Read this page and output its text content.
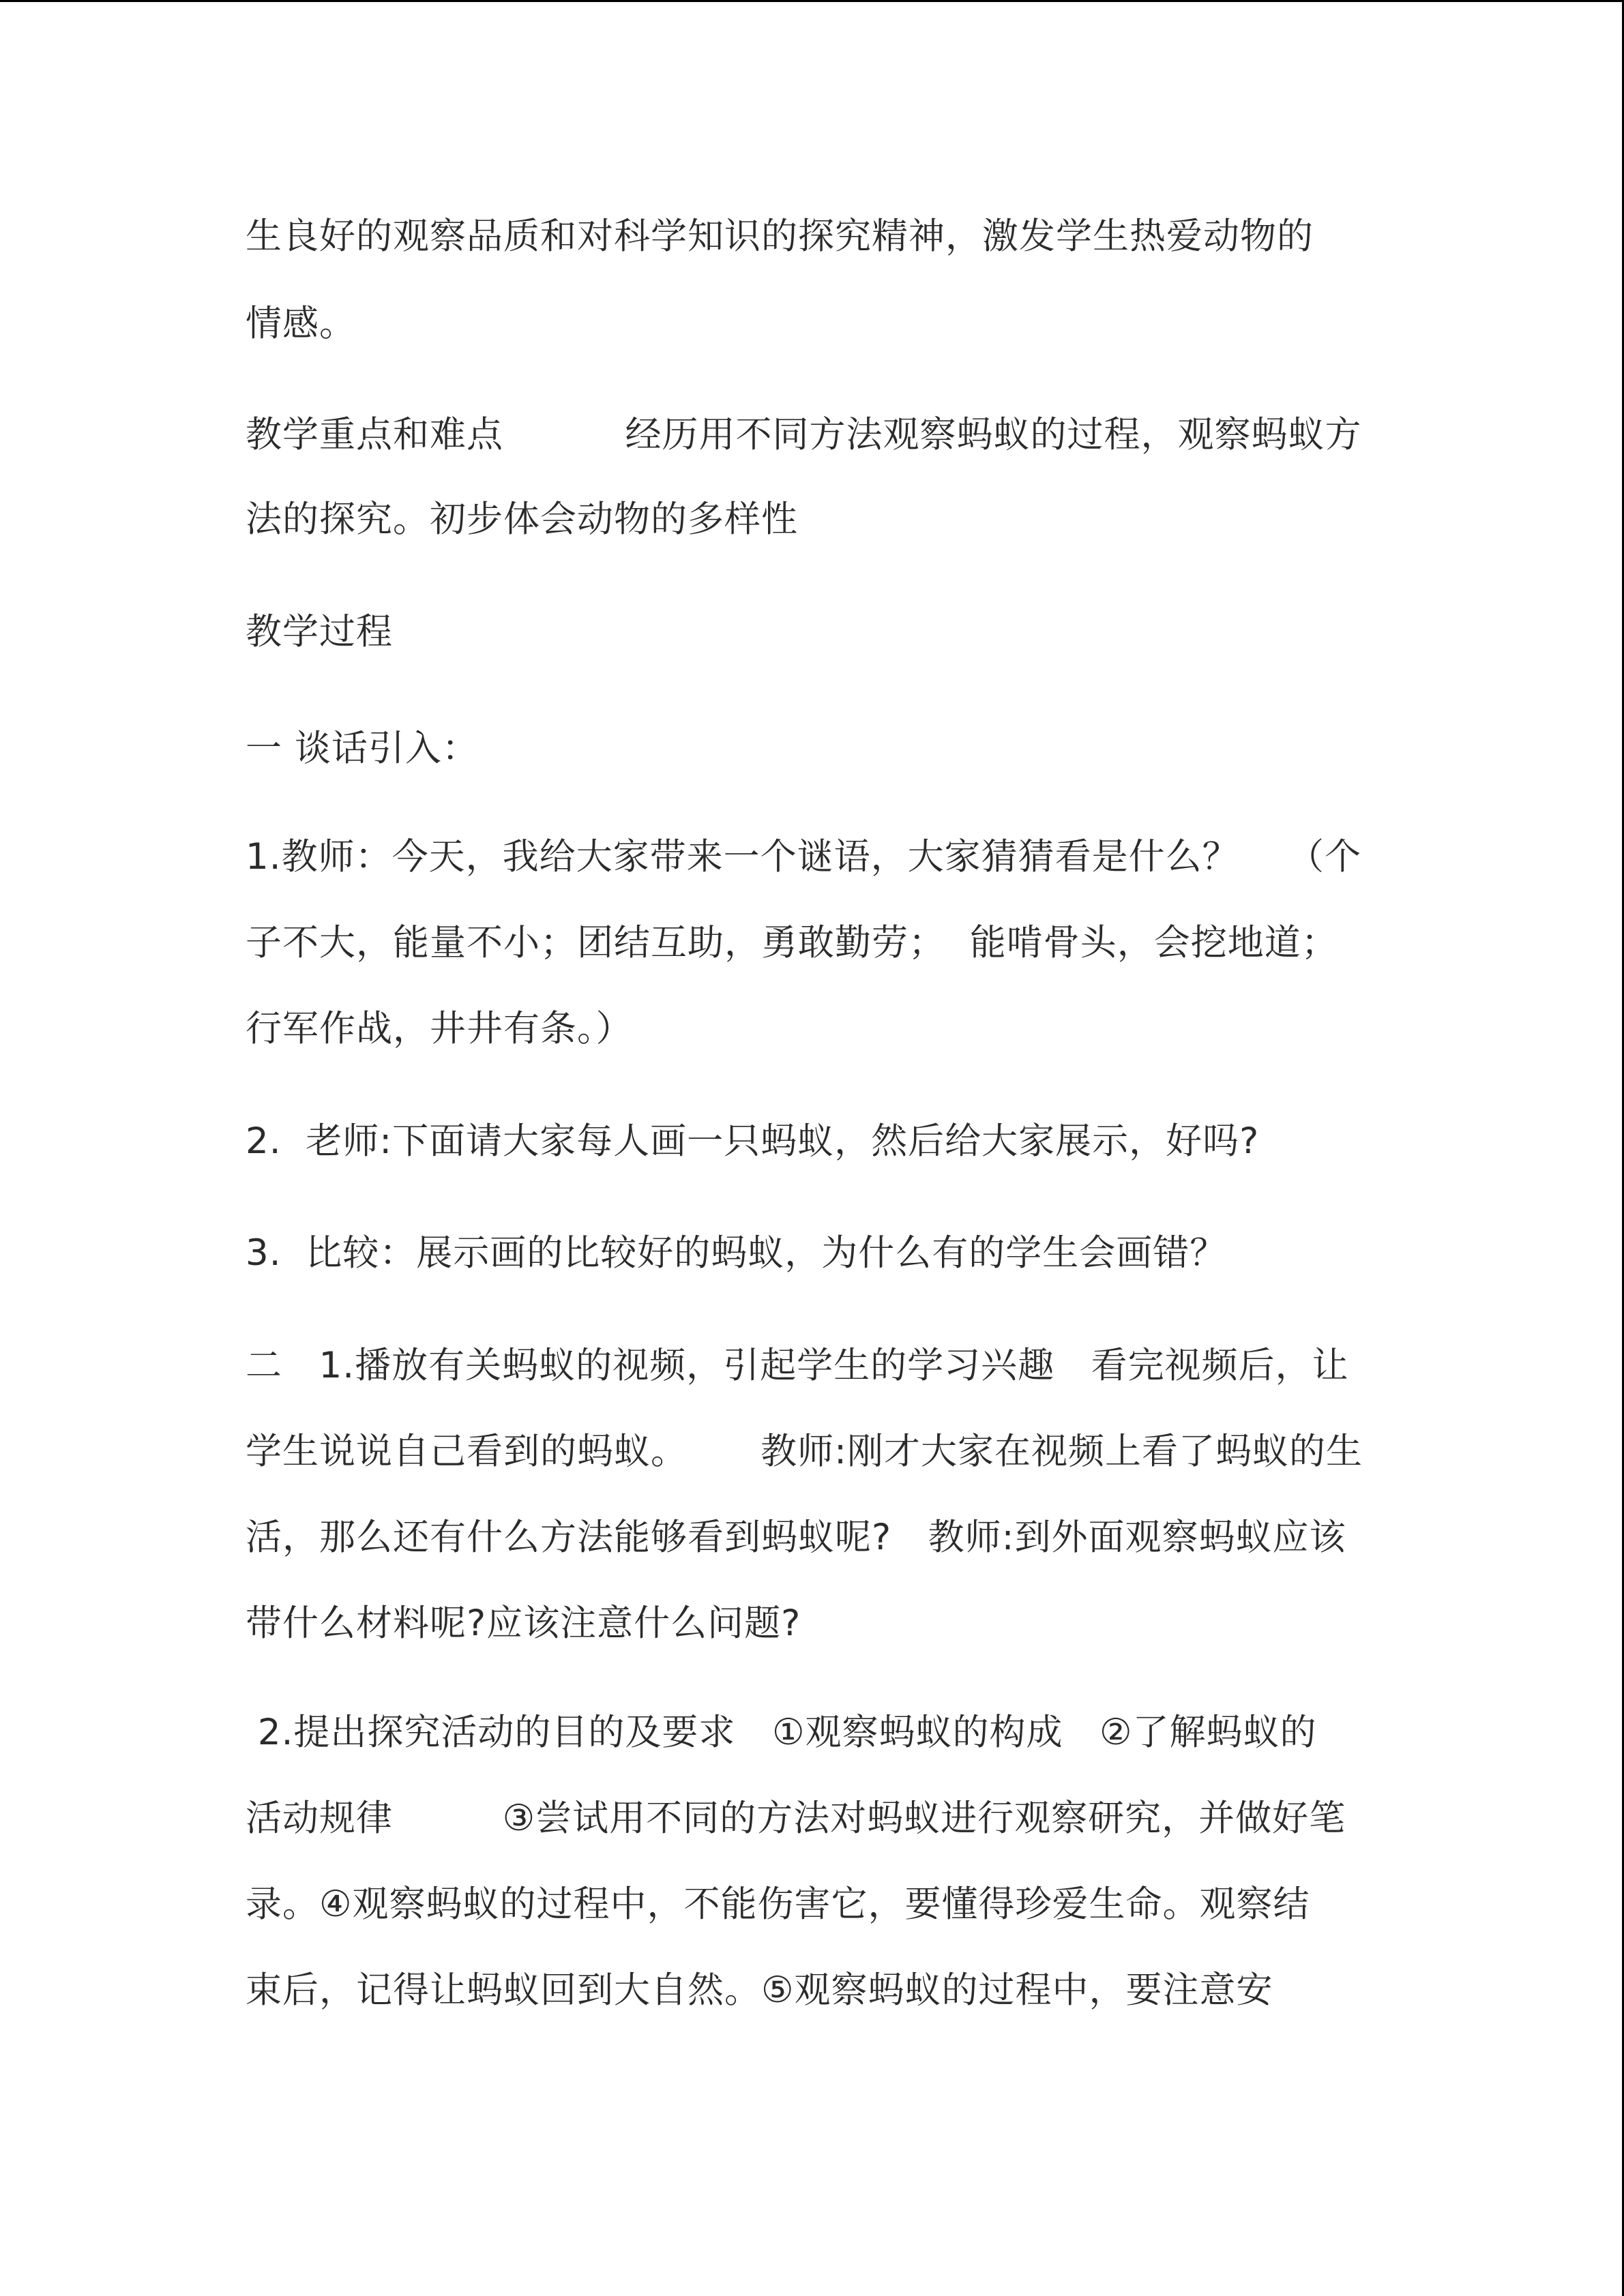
生良好的观察品质和对科学知识的探究精神，激发学生热爱动物的
情感。
教学重点和难点          经历用不同方法观察蚂蚁的过程，观察蚂蚁方
法的探究。初步体会动物的多样性
教学过程
一 谈话引入：
1.教师：今天，我给大家带来一个谜语，大家猜猜看是什么？    （个
子不大，能量不小；团结互助，勇敢勤劳；  能啃骨头，会挖地道；
行军作战，井井有条。）
2.  老师:下面请大家每人画一只蚂蚁，然后给大家展示，好吗?
3.  比较：展示画的比较好的蚂蚁，为什么有的学生会画错？
二   1.播放有关蚂蚁的视频，引起学生的学习兴趣   看完视频后，让
学生说说自己看到的蚂蚁。      教师:刚才大家在视频上看了蚂蚁的生
活，那么还有什么方法能够看到蚂蚁呢?   教师:到外面观察蚂蚁应该
带什么材料呢?应该注意什么问题?
2.提出探究活动的目的及要求   ①观察蚂蚁的构成   ②了解蚂蚁的
活动规律         ③尝试用不同的方法对蚂蚁进行观察研究，并做好笔
录。④观察蚂蚁的过程中，不能伤害它，要懂得珍爱生命。观察结
束后，记得让蚂蚁回到大自然。⑤观察蚂蚁的过程中，要注意安
